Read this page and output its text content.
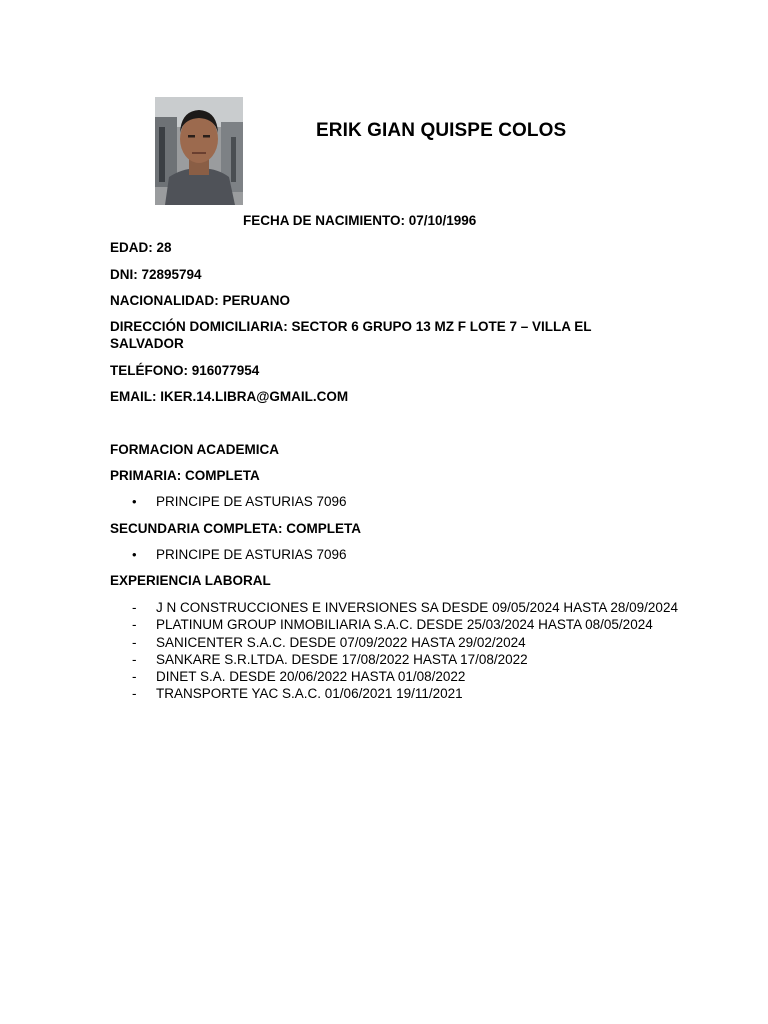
ERIK GIAN QUISPE COLOS
FECHA DE NACIMIENTO: 07/10/1996
EDAD: 28
DNI: 72895794
NACIONALIDAD: PERUANO
DIRECCIÓN DOMICILIARIA: SECTOR 6 GRUPO 13 MZ F LOTE 7 – VILLA EL SALVADOR
TELÉFONO: 916077954
EMAIL: IKER.14.LIBRA@GMAIL.COM
FORMACION ACADEMICA
PRIMARIA: COMPLETA
• PRINCIPE DE ASTURIAS 7096
SECUNDARIA COMPLETA: COMPLETA
• PRINCIPE DE ASTURIAS 7096
EXPERIENCIA LABORAL
- J N CONSTRUCCIONES E INVERSIONES SA DESDE 09/05/2024 HASTA 28/09/2024
- PLATINUM GROUP INMOBILIARIA S.A.C. DESDE 25/03/2024 HASTA 08/05/2024
- SANICENTER S.A.C. DESDE 07/09/2022 HASTA 29/02/2024
- SANKARE S.R.LTDA. DESDE 17/08/2022 HASTA 17/08/2022
- DINET S.A. DESDE 20/06/2022 HASTA 01/08/2022
- TRANSPORTE YAC S.A.C. 01/06/2021 19/11/2021
